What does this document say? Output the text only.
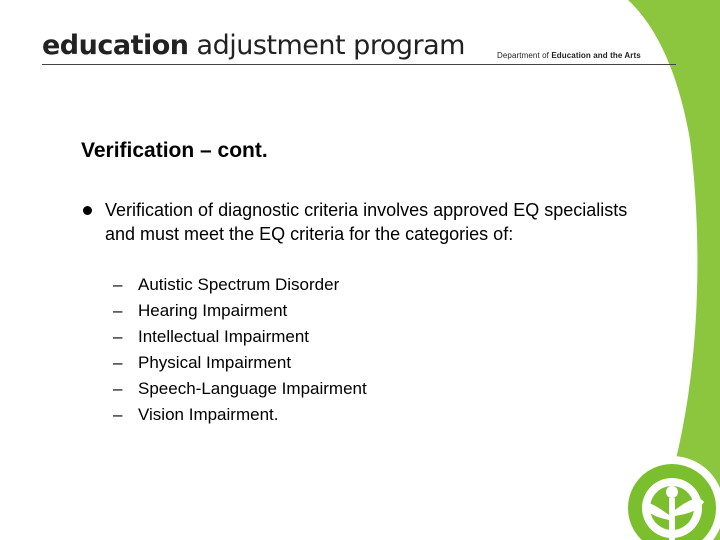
education adjustment program	Department of Education and the Arts
Verification – cont.
Verification of diagnostic criteria involves approved EQ specialists and must meet the EQ criteria for the categories of:
– Autistic Spectrum Disorder
– Hearing Impairment
– Intellectual Impairment
– Physical Impairment
– Speech-Language Impairment
– Vision Impairment.
